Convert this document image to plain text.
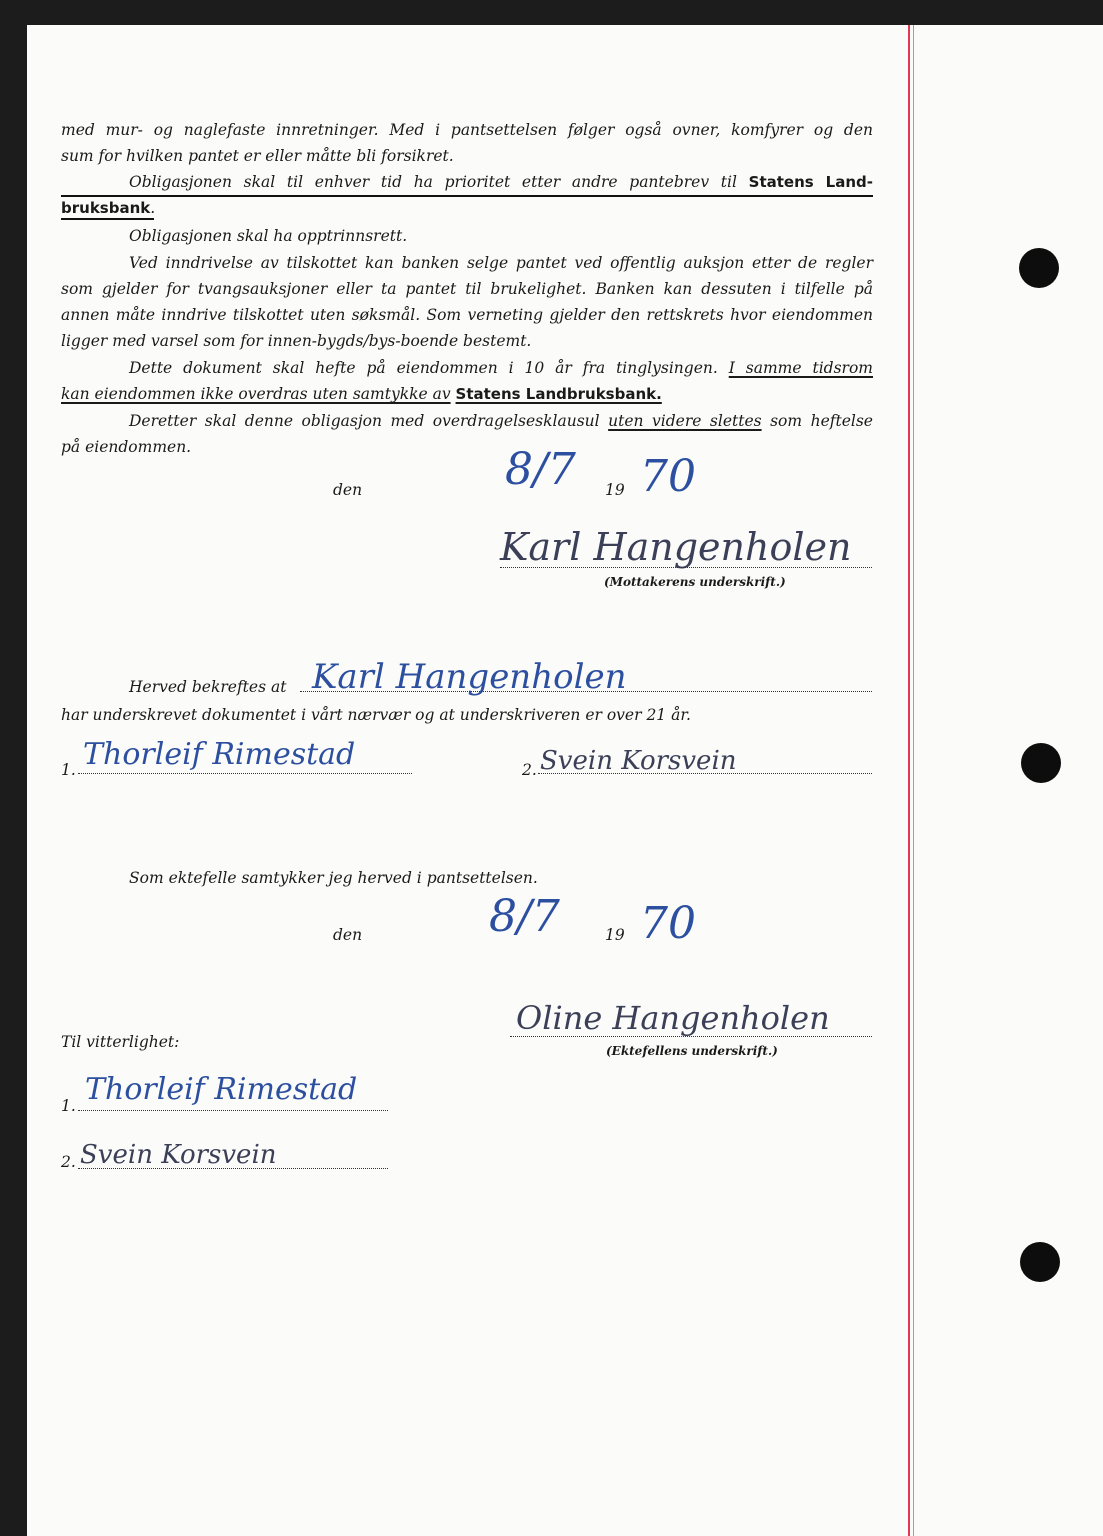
med mur- og naglefaste innretninger. Med i pantsettelsen følger også ovner, komfyrer og den
sum for hvilken pantet er eller måtte bli forsikret.
Obligasjonen skal til enhver tid ha prioritet etter andre pantebrev til Statens Land-
bruksbank.
Obligasjonen skal ha opptrinnsrett.
Ved inndrivelse av tilskottet kan banken selge pantet ved offentlig auksjon etter de regler
som gjelder for tvangsauksjoner eller ta pantet til brukelighet. Banken kan dessuten i tilfelle på
annen måte inndrive tilskottet uten søksmål. Som verneting gjelder den rettskrets hvor eiendommen
ligger med varsel som for innen-bygds/bys-boende bestemt.
Dette dokument skal hefte på eiendommen i 10 år fra tinglysingen. I samme tidsrom
kan eiendommen ikke overdras uten samtykke av Statens Landbruksbank.
Deretter skal denne obligasjon med overdragelsesklausul uten videre slettes som heftelse
på eiendommen.
den	8/7 19 70
Karl Hangenholen
(Mottakerens underskrift.)
Herved bekreftes at Karl Hangenholen
har underskrevet dokumentet i vårt nærvær og at underskriveren er over 21 år.
1. Thorleif Rimestad	2. Svein Korsvein
Som ektefelle samtykker jeg herved i pantsettelsen.
den	8/7	19 70
Oline Hangenholen
(Ektefellens underskrift.)
Til vitterlighet:
1. Thorleif Rimestad
2. Svein Korsvein
